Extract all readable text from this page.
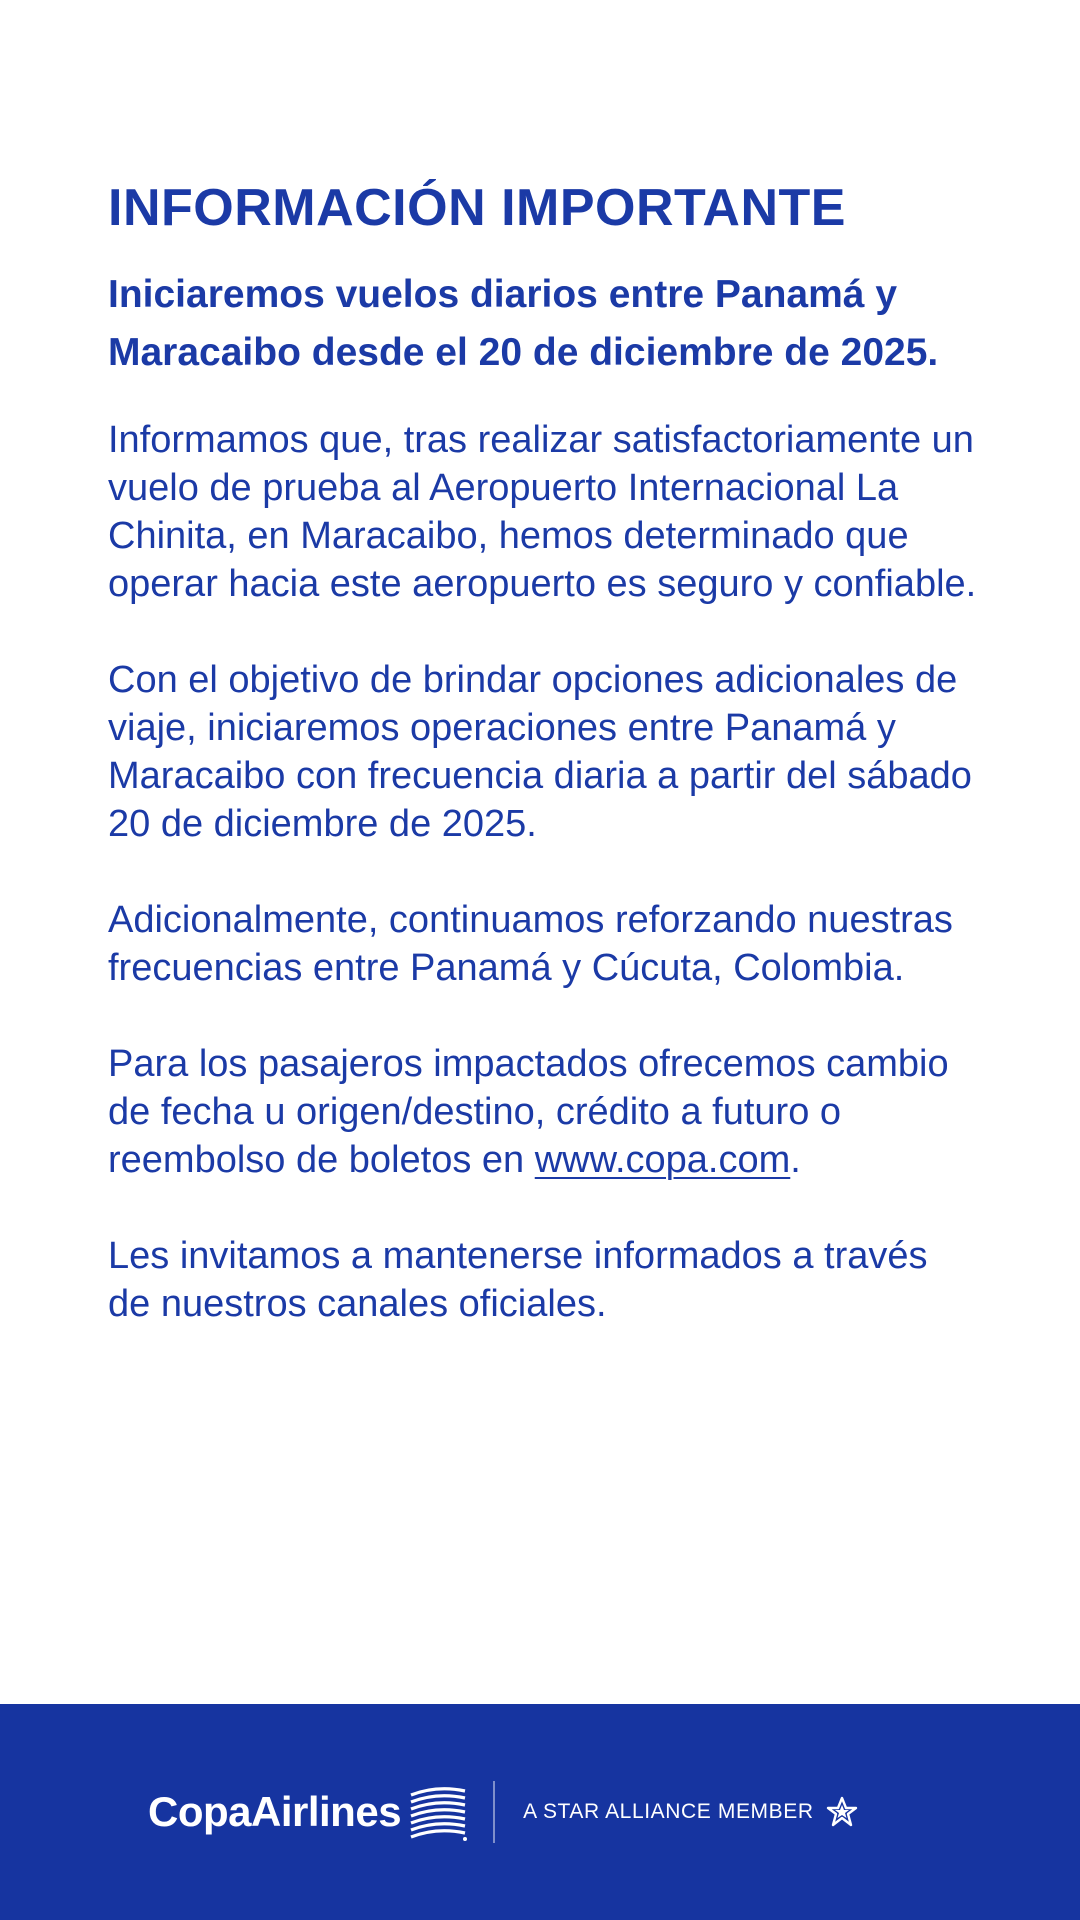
INFORMACIÓN IMPORTANTE
Iniciaremos vuelos diarios entre Panamá y Maracaibo desde el 20 de diciembre de 2025.

Informamos que, tras realizar satisfactoriamente un vuelo de prueba al Aeropuerto Internacional La Chinita, en Maracaibo, hemos determinado que operar hacia este aeropuerto es seguro y confiable.

Con el objetivo de brindar opciones adicionales de viaje, iniciaremos operaciones entre Panamá y Maracaibo con frecuencia diaria a partir del sábado 20 de diciembre de 2025.

Adicionalmente, continuamos reforzando nuestras frecuencias entre Panamá y Cúcuta, Colombia.

Para los pasajeros impactados ofrecemos cambio de fecha u origen/destino, crédito a futuro o reembolso de boletos en www.copa.com.

Les invitamos a mantenerse informados a través de nuestros canales oficiales.

CopaAirlines	A STAR ALLIANCE MEMBER
